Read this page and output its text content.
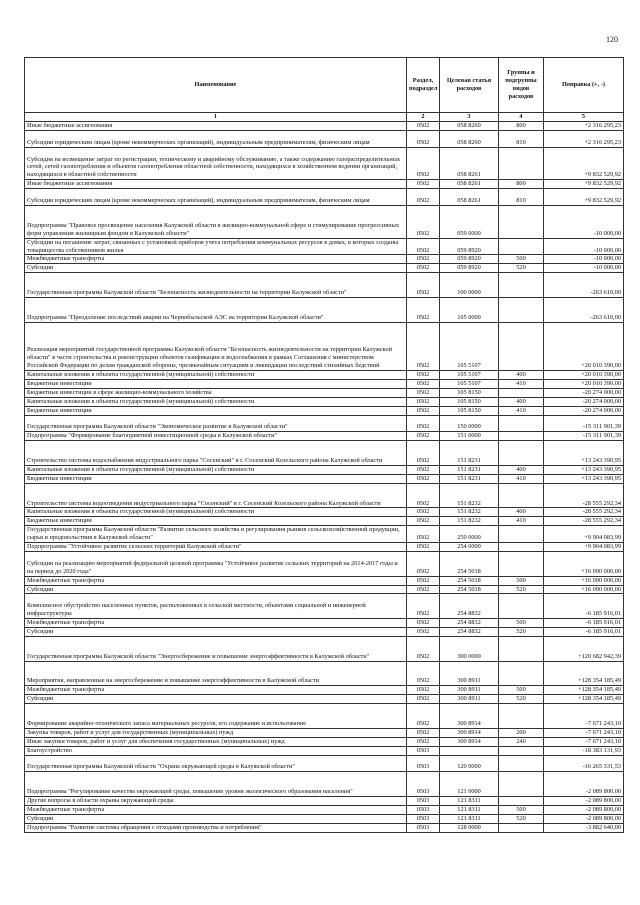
120
Наименование	Раздел, подраздел	Целевая статья расходов	Группы и подгруппы видов расходов	Поправка (+, -)
1	2	3	4	5
Иные бюджетные ассигнования	0502	058 8260	800	+2 316 295,23
Субсидии юридическим лицам (кроме некоммерческих организаций), индивидуальным предпринимателям, физическим лицам	0502	058 8260	810	+2 316 295,23
Субсидия на возмещение затрат по регистрации, техническому и аварийному обслуживанию, а также содержанию газораспределительных сетей, сетей газопотребления и объектов газопотребления областной собственности, находящихся в хозяйственном ведении организаций, находящихся в областной собственности	0502	058 8261		+9 832 529,92
Иные бюджетные ассигнования	0502	058 8261	800	+9 832 529,92
Субсидии юридическим лицам (кроме некоммерческих организаций), индивидуальным предпринимателям, физическим лицам	0502	058 8261	810	+9 832 529,92
Подпрограмма "Правовое просвещение населения Калужской области в жилищно-коммунальной сфере и стимулирование прогрессивных форм управления жилищным фондом в Калужской области"	0502	059 0000		-10 000,00
Субсидии на погашение затрат, связанных с установкой приборов учета потребления коммунальных ресурсов в домах, в которых созданы товарищества собственников жилья	0502	059 8920		-10 000,00
Межбюджетные трансферты	0502	059 8920	500	-10 000,00
Субсидии	0502	059 8920	520	-10 000,00
Государственная программа Калужской области "Безопасность жизнедеятельности на территории Калужской области"	0502	100 0000		-263 610,00
Подпрограмма "Преодоление последствий аварии на Чернобыльской АЭС на территории Калужской области"	0502	105 0000		-263 610,00
Реализация мероприятий государственной программы Калужской области "Безопасность жизнедеятельности на территории Калужской области" в части строительства и реконструкции объектов газификации и водоснабжения в рамках Соглашения с министерством Российской Федерации по делам гражданской обороны, чрезвычайным ситуациям и ликвидации последствий стихийных бедствий	0502	105 5107		+20 010 390,00
Капитальные вложения в объекты государственной (муниципальной) собственности	0502	105 5107	400	+20 010 390,00
Бюджетные инвестиции	0502	105 5107	410	+20 010 390,00
Бюджетные инвестиции в сфере жилищно-коммунального хозяйства	0502	105 8150		-20 274 000,00
Капитальные вложения в объекты государственной (муниципальной) собственности	0502	105 8150	400	-20 274 000,00
Бюджетные инвестиции	0502	105 8150	410	-20 274 000,00
Государственная программа Калужской области "Экономическое развитие в Калужской области"	0502	150 0000		-15 311 901,39
Подпрограмма "Формирование благоприятной инвестиционной среды в Калужской области"	0502	151 0000		-15 311 901,39
Строительство системы водоснабжения индустриального парка "Сосенский" в г. Сосенский Козельского района Калужской области	0502	151 8231		+13 243 390,95
Капитальные вложения в объекты государственной (муниципальной) собственности	0502	151 8231	400	+13 243 390,95
Бюджетные инвестиции	0502	151 8231	410	+13 243 390,95
Строительство системы водоотведения индустриального парка "Сосенский" в г. Сосенский Козельского района Калужской области	0502	151 8232		-28 555 292,34
Капитальные вложения в объекты государственной (муниципальной) собственности	0502	151 8232	400	-28 555 292,34
Бюджетные инвестиции	0502	151 8232	410	-28 555 292,34
Государственная программа Калужской области "Развитие сельского хозяйства и регулирования рынков сельскохозяйственной продукции, сырья и продовольствия в Калужской области"	0502	250 0000		+9 904 083,99
Подпрограмма "Устойчивое развитие сельских территорий Калужской области"	0502	254 0000		+9 904 083,99
Субсидии на реализацию мероприятий федеральной целевой программы "Устойчивое развитие сельских территорий на 2014-2017 годы и на период до 2020 года"	0502	254 5018		+16 090 000,00
Межбюджетные трансферты	0502	254 5018	500	+16 090 000,00
Субсидии	0502	254 5018	520	+16 090 000,00
Комплексное обустройство населенных пунктов, расположенных в сельской местности, объектами социальной и инженерной инфраструктуры	0502	254 8832		-6 185 916,01
Межбюджетные трансферты	0502	254 8832	500	-6 185 916,01
Субсидии	0502	254 8832	520	-6 185 916,01
Государственная программа Калужской области "Энергосбережение и повышение энергоэффективности в Калужской области"	0502	300 0000		+120 682 942,39
Мероприятия, направленные на энергосбережение и повышение энергоэффективности в Калужской области	0502	300 8911		+128 354 185,49
Межбюджетные трансферты	0502	300 8911	500	+128 354 185,49
Субсидии	0502	300 8911	520	+128 354 185,49
Формирование аварийно-технического запаса материальных ресурсов, его содержание и использование	0502	300 8914		-7 671 243,10
Закупка товаров, работ и услуг для государственных (муниципальных) нужд	0502	300 8914	200	-7 671 243,10
Иные закупки товаров, работ и услуг для обеспечения государственных (муниципальных) нужд	0502	300 8914	240	-7 671 243,10
Благоустройство	0503			-18 383 131,93
Государственная программа Калужской области "Охрана окружающей среды в Калужской области"	0503	120 0000		-16 265 331,53
Подпрограмма "Регулирование качества окружающей среды, повышение уровня экологического образования населения"	0503	121 0000		-2 089 800,00
Другие вопросы в области охраны окружающей среды	0503	121 8311		-2 089 800,00
Межбюджетные трансферты	0503	121 8311	500	-2 089 800,00
Субсидии	0503	121 8311	520	-2 089 800,00
Подпрограмма "Развитие системы обращения с отходами производства и потребления"	0503	128 0000		-3 882 640,00
